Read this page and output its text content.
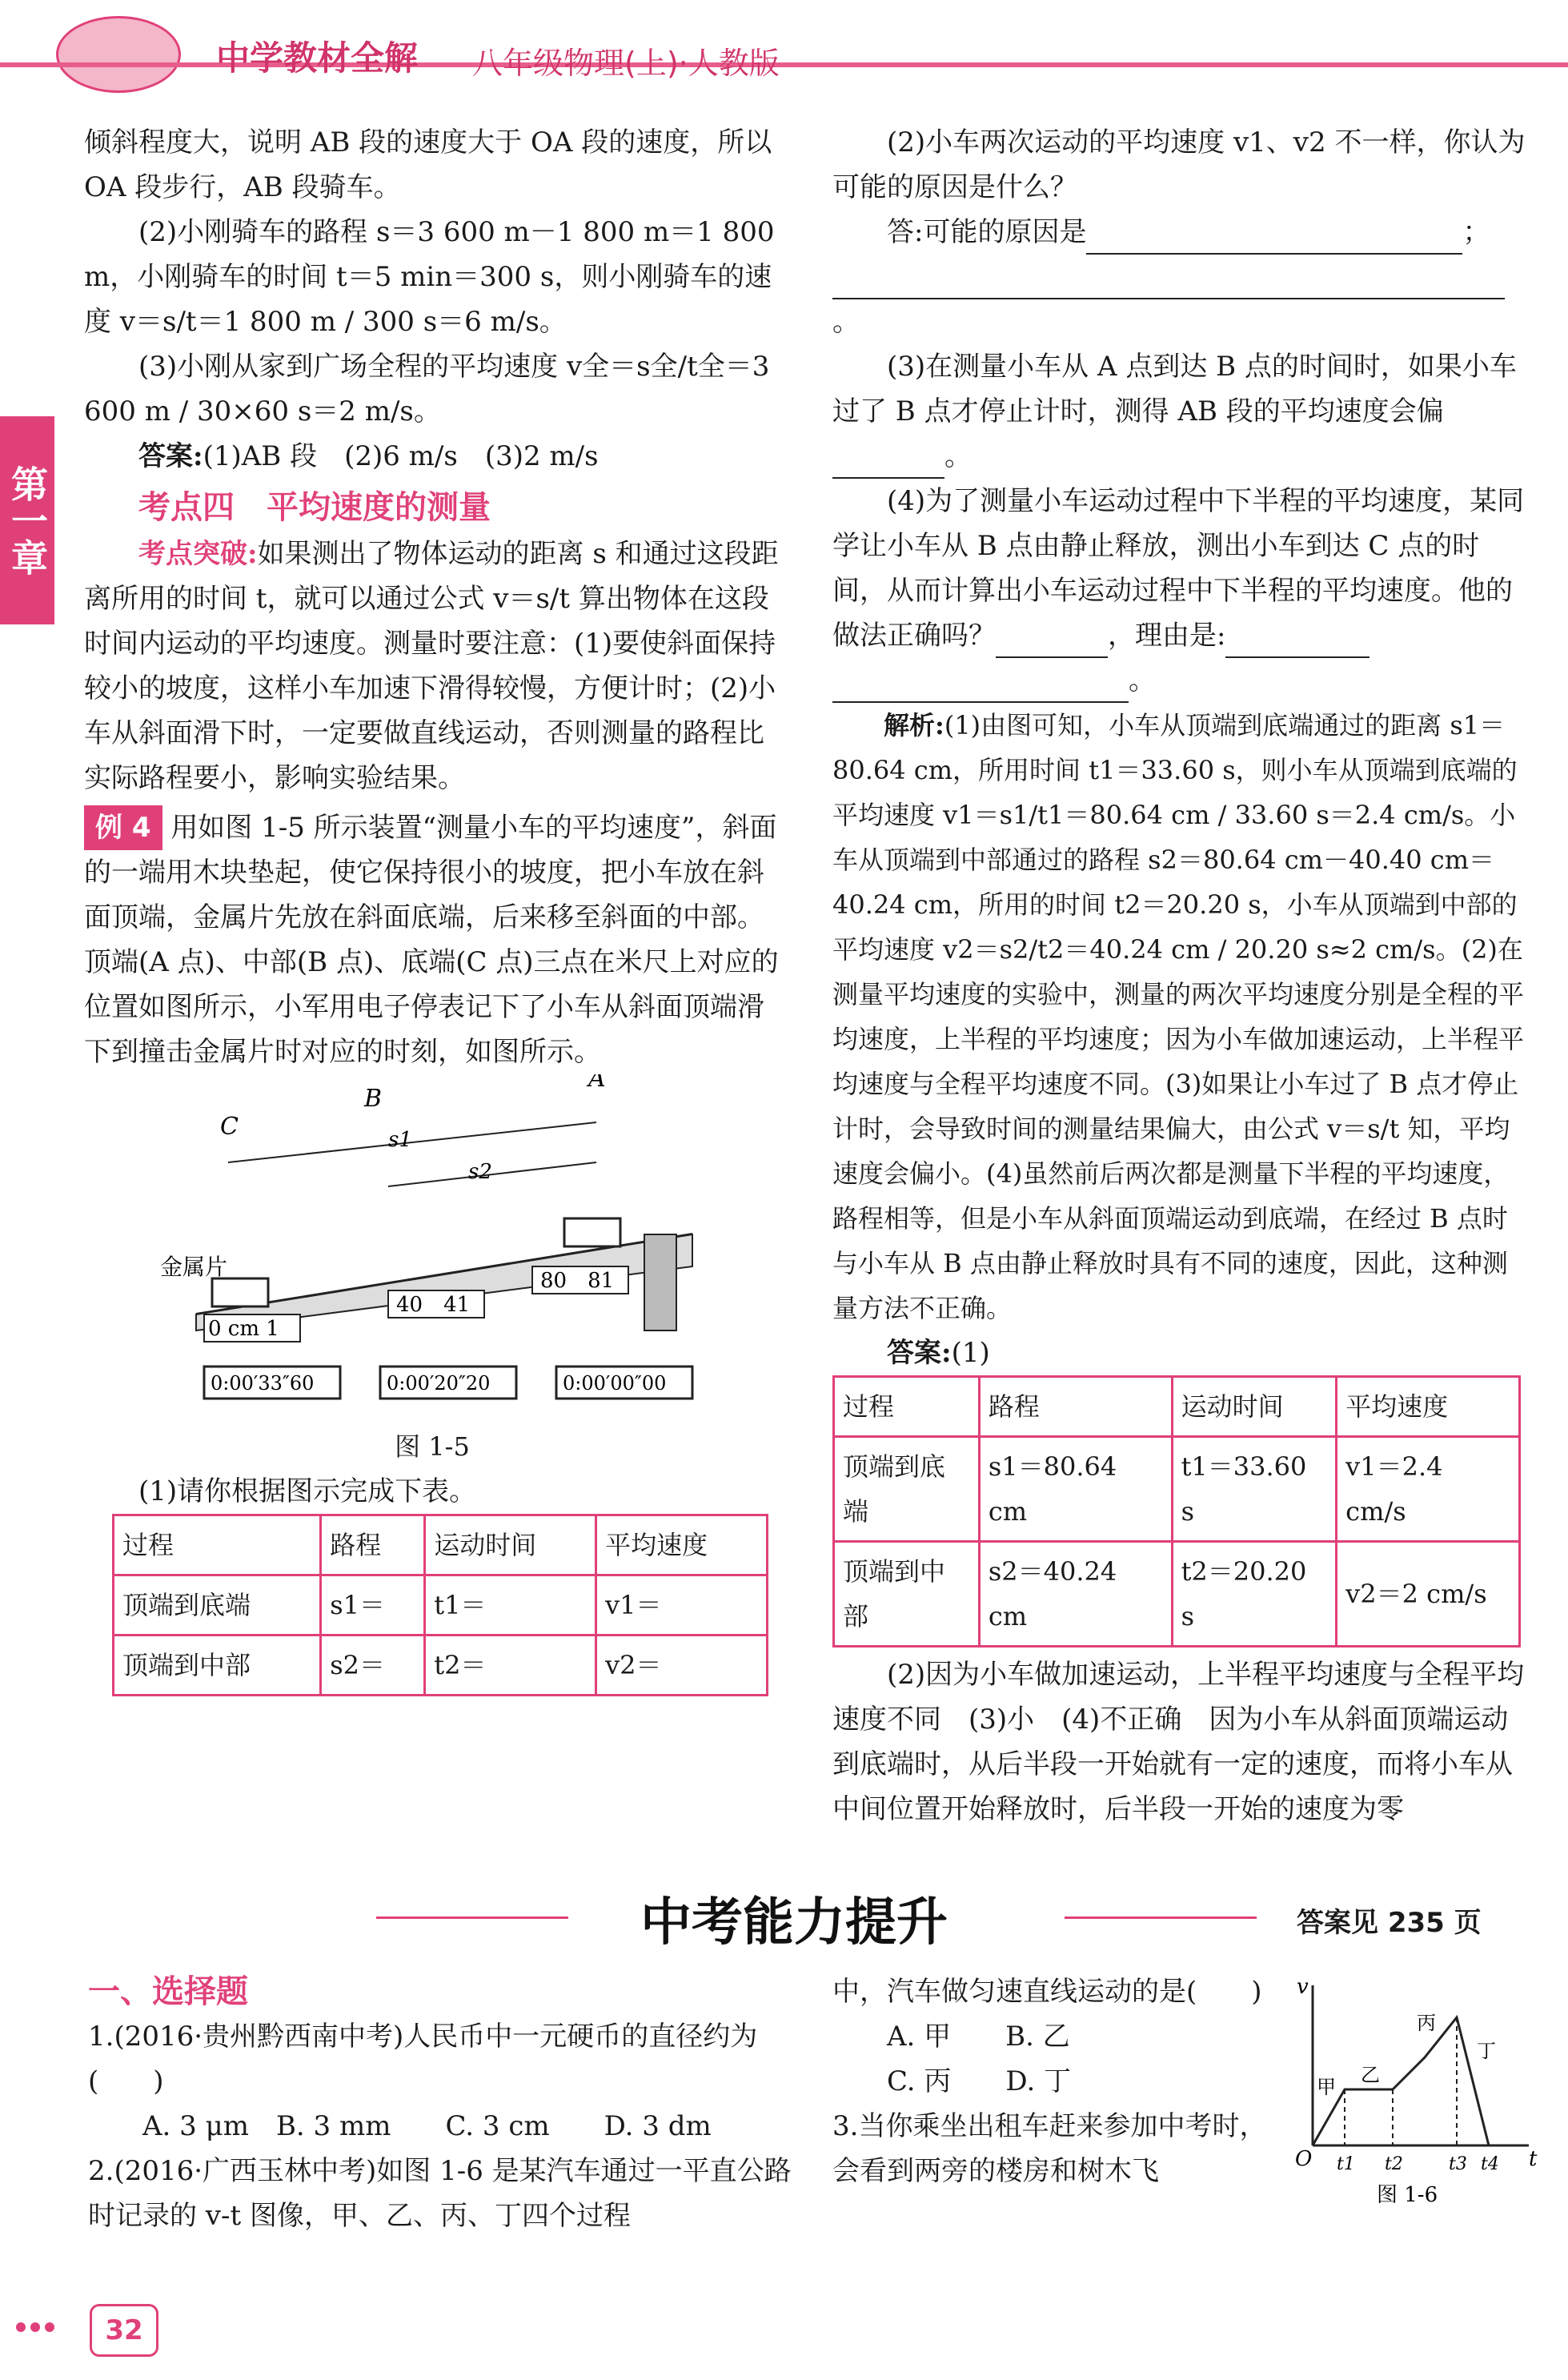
中学教材全解 八年级物理(上)·人教版
第一章

倾斜程度大，说明 AB 段的速度大于 OA 段的速度，所以 OA 段步行，AB 段骑车。

(2)小刚骑车的路程 s＝3 600 m－1 800 m＝1 800 m，小刚骑车的时间 t＝5 min＝300 s，则小刚骑车的速度 v＝s/t＝1 800 m / 300 s＝6 m/s。

(3)小刚从家到广场全程的平均速度 v全＝s全/t全＝3 600 m / 30×60 s＝2 m/s。

答案:(1)AB 段　(2)6 m/s　(3)2 m/s

考点四　平均速度的测量

考点突破:如果测出了物体运动的距离 s 和通过这段距离所用的时间 t，就可以通过公式 v＝s/t 算出物体在这段时间内运动的平均速度。测量时要注意：(1)要使斜面保持较小的坡度，这样小车加速下滑得较慢，方便计时；(2)小车从斜面滑下时，一定要做直线运动，否则测量的路程比实际路程要小，影响实验结果。

例 4 用如图 1-5 所示装置“测量小车的平均速度”，斜面的一端用木块垫起，使它保持很小的坡度，把小车放在斜面顶端，金属片先放在斜面底端，后来移至斜面的中部。顶端(A 点)、中部(B 点)、底端(C 点)三点在米尺上对应的位置如图所示，小军用电子停表记下了小车从斜面顶端滑下到撞击金属片时对应的时刻，如图所示。

0 cm 1
40　41
80　81
C
B
A
s1
s2
金属片
0:00′33″60	0:00′20″20	0:00′00″00
图 1-5

(1)请你根据图示完成下表。

过程	路程	运动时间	平均速度
顶端到底端	s1＝	t1＝	v1＝
顶端到中部	s2＝	t2＝	v2＝

(2)小车两次运动的平均速度 v1、v2 不一样，你认为可能的原因是什么？

答:可能的原因是	；

。

(3)在测量小车从 A 点到达 B 点的时间时，如果小车过了 B 点才停止计时，测得 AB 段的平均速度会偏。

(4)为了测量小车运动过程中下半程的平均速度，某同学让小车从 B 点由静止释放，测出小车到达 C 点的时间，从而计算出小车运动过程中下半程的平均速度。他的做法正确吗？	，理由是:

。

解析:(1)由图可知，小车从顶端到底端通过的距离 s1＝80.64 cm，所用时间 t1＝33.60 s，则小车从顶端到底端的平均速度 v1＝s1/t1＝80.64 cm / 33.60 s＝2.4 cm/s。小车从顶端到中部通过的路程 s2＝80.64 cm－40.40 cm＝40.24 cm，所用的时间 t2＝20.20 s，小车从顶端到中部的平均速度 v2＝s2/t2＝40.24 cm / 20.20 s≈2 cm/s。(2)在测量平均速度的实验中，测量的两次平均速度分别是全程的平均速度，上半程的平均速度；因为小车做加速运动，上半程平均速度与全程平均速度不同。(3)如果让小车过了 B 点才停止计时，会导致时间的测量结果偏大，由公式 v＝s/t 知，平均速度会偏小。(4)虽然前后两次都是测量下半程的平均速度，路程相等，但是小车从斜面顶端运动到底端，在经过 B 点时与小车从 B 点由静止释放时具有不同的速度，因此，这种测量方法不正确。

答案:(1)

过程	路程	运动时间	平均速度
顶端到底端	s1＝80.64 cm	t1＝33.60 s	v1＝2.4 cm/s
顶端到中部	s2＝40.24 cm	t2＝20.20 s	v2＝2 cm/s

(2)因为小车做加速运动，上半程平均速度与全程平均速度不同　(3)小　(4)不正确　因为小车从斜面顶端运动到底端时，从后半段一开始就有一定的速度，而将小车从中间位置开始释放时，后半段一开始的速度为零

中考能力提升	答案见 235 页

一、选择题

1.(2016·贵州黔西南中考)人民币中一元硬币的直径约为(　　)

A. 3 μm　B. 3 mm　　C. 3 cm　　D. 3 dm

2.(2016·广西玉林中考)如图 1-6 是某汽车通过一平直公路时记录的 v-t 图像，甲、乙、丙、丁四个过程

中，汽车做匀速直线运动的是(　　)

A. 甲　　 B. 乙

C. 丙　　 D. 丁

3.当你乘坐出租车赶来参加中考时，会看到两旁的楼房和树木飞

v
t
O t1 t2	t3 t4
甲
乙
丙
丁
图 1-6
32
